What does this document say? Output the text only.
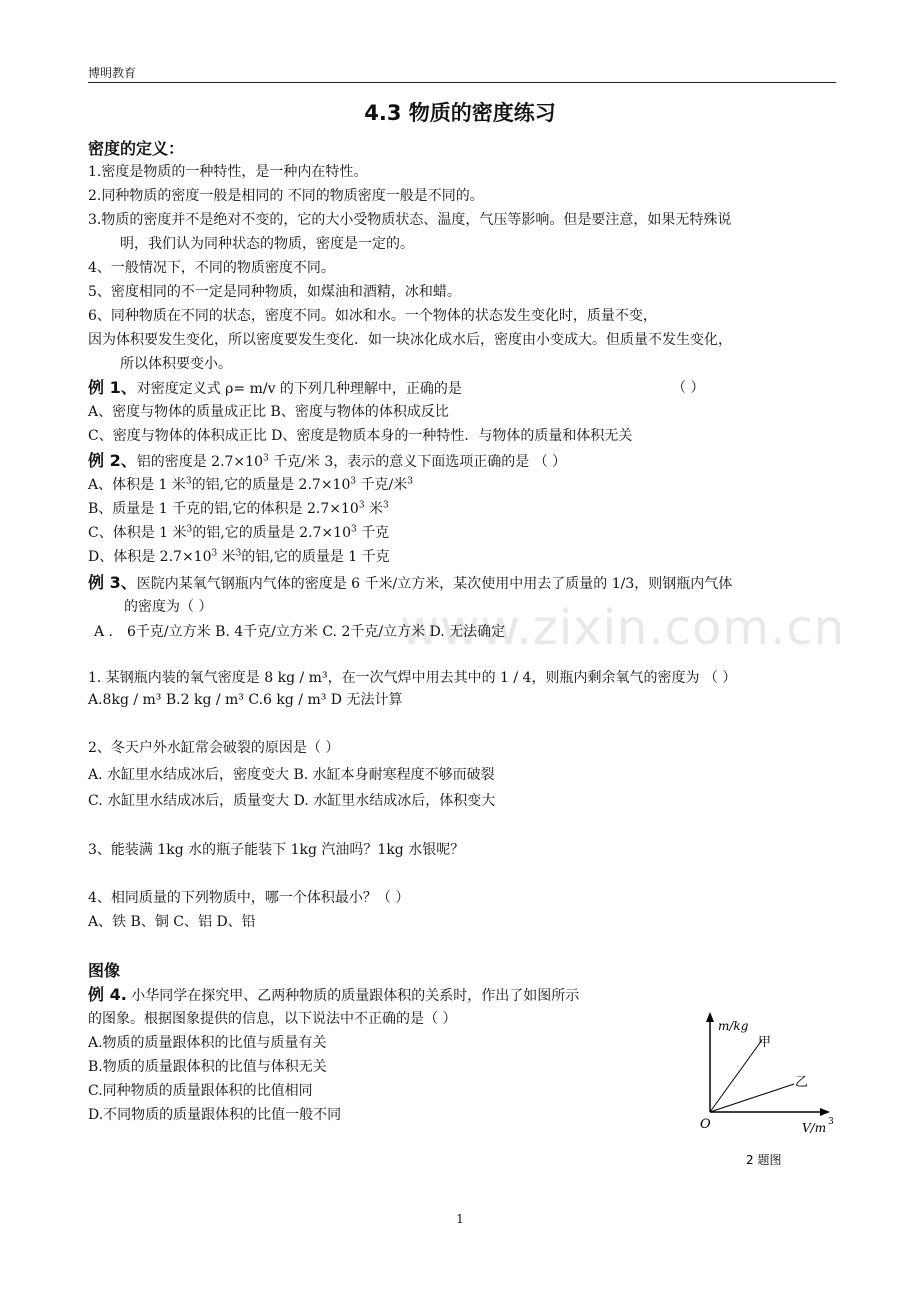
博明教育
4.3 物质的密度练习
www.zixin.com.cn
密度的定义：
1.密度是物质的一种特性，是一种内在特性。
2.同种物质的密度一般是相同的 不同的物质密度一般是不同的。
3.物质的密度并不是绝对不变的，它的大小受物质状态、温度，气压等影响。但是要注意，如果无特殊说
明，我们认为同种状态的物质，密度是一定的。
4、一般情况下，不同的物质密度不同。
5、密度相同的不一定是同种物质，如煤油和酒精，冰和蜡。
6、同种物质在不同的状态，密度不同。如冰和水。一个物体的状态发生变化时，质量不变，
因为体积要发生变化，所以密度要发生变化．如一块冰化成水后，密度由小变成大。但质量不发生变化，
所以体积要变小。
例 1、对密度定义式 ρ= m/v 的下列几种理解中，正确的是	（ ）
A、密度与物体的质量成正比 B、密度与物体的体积成反比
C、密度与物体的体积成正比 D、密度是物质本身的一种特性．与物体的质量和体积无关
例 2、铝的密度是 $2.7\times 10^3$ 千克/米 3，表示的意义下面选项正确的是 （ ）
A、体积是 1 米$^3$的铝,它的质量是 $2.7\times 10^3$ 千克/米$^3$
B、质量是 1 千克的铝,它的体积是 $2.7\times 10^3$ 米$^3$
C、体积是 1 米$^3$的铝,它的质量是 $2.7\times 10^3$ 千克
D、体积是 $2.7\times 10^3$ 米$^3$的铝,它的质量是 1 千克
例 3、医院内某氧气钢瓶内气体的密度是 6 千米/立方米，某次使用中用去了质量的 1/3，则钢瓶内气体
的密度为（ ）
A ． 6千克/立方米 B. 4千克/立方米 C. 2千克/立方米 D. 无法确定
1. 某钢瓶内装的氧气密度是 8 kg / m³，在一次气焊中用去其中的 1 / 4，则瓶内剩余氧气的密度为 （ ）
A.8kg / m³ B.2 kg / m³ C.6 kg / m³ D 无法计算
2、冬天户外水缸常会破裂的原因是（ ）
A. 水缸里水结成冰后，密度变大 B. 水缸本身耐寒程度不够而破裂
C. 水缸里水结成冰后，质量变大 D. 水缸里水结成冰后，体积变大
3、能装满 1kg 水的瓶子能装下 1kg 汽油吗？1kg 水银呢？
4、相同质量的下列物质中，哪一个体积最小？（ ）
A、铁 B、铜 C、铝 D、铅
图像
例 4. 小华同学在探究甲、乙两种物质的质量跟体积的关系时，作出了如图所示
的图象。根据图象提供的信息，以下说法中不正确的是（ ）
A.物质的质量跟体积的比值与质量有关
B.物质的质量跟体积的比值与体积无关
C.同种物质的质量跟体积的比值相同
D.不同物质的质量跟体积的比值一般不同
m/kg
甲
乙
O	V/m 3
2 题图
1
